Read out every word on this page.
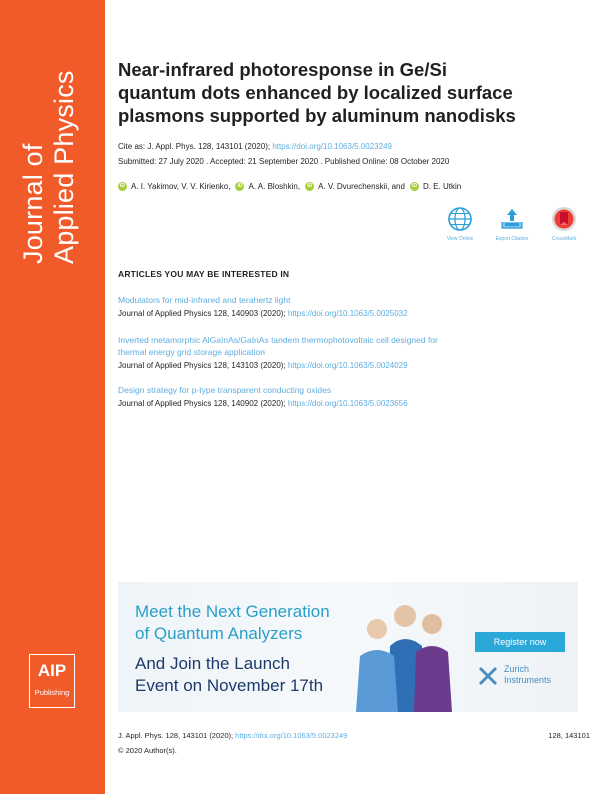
Journal of Applied Physics
AIP
Publishing
Near-infrared photoresponse in Ge/Si
quantum dots enhanced by localized surface
plasmons supported by aluminum nanodisks
Cite as: J. Appl. Phys. 128, 143101 (2020); https://doi.org/10.1063/5.0023249
Submitted: 27 July 2020 . Accepted: 21 September 2020 . Published Online: 08 October 2020
iD A. I. Yakimov, V. V. Kirienko,	iD A. A. Bloshkin,	iD A. V. Dvurechenskii, and	iD D. E. Utkin
View Online	Export Citation	CrossMark
ARTICLES YOU MAY BE INTERESTED IN
Modulators for mid-infrared and terahertz light
Journal of Applied Physics 128, 140903 (2020); https://doi.org/10.1063/5.0025032
Inverted metamorphic AlGaInAs/GaInAs tandem thermophotovoltaic cell designed for
thermal energy grid storage application
Journal of Applied Physics 128, 143103 (2020); https://doi.org/10.1063/5.0024029
Design strategy for p-type transparent conducting oxides
Journal of Applied Physics 128, 140902 (2020); https://doi.org/10.1063/5.0023656
Meet the Next Generation
of Quantum Analyzers
And Join the Launch
Event on November 17th
Register now
Zurich
Instruments
J. Appl. Phys. 128, 143101 (2020); https://doi.org/10.1063/5.0023249	128, 143101
© 2020 Author(s).
